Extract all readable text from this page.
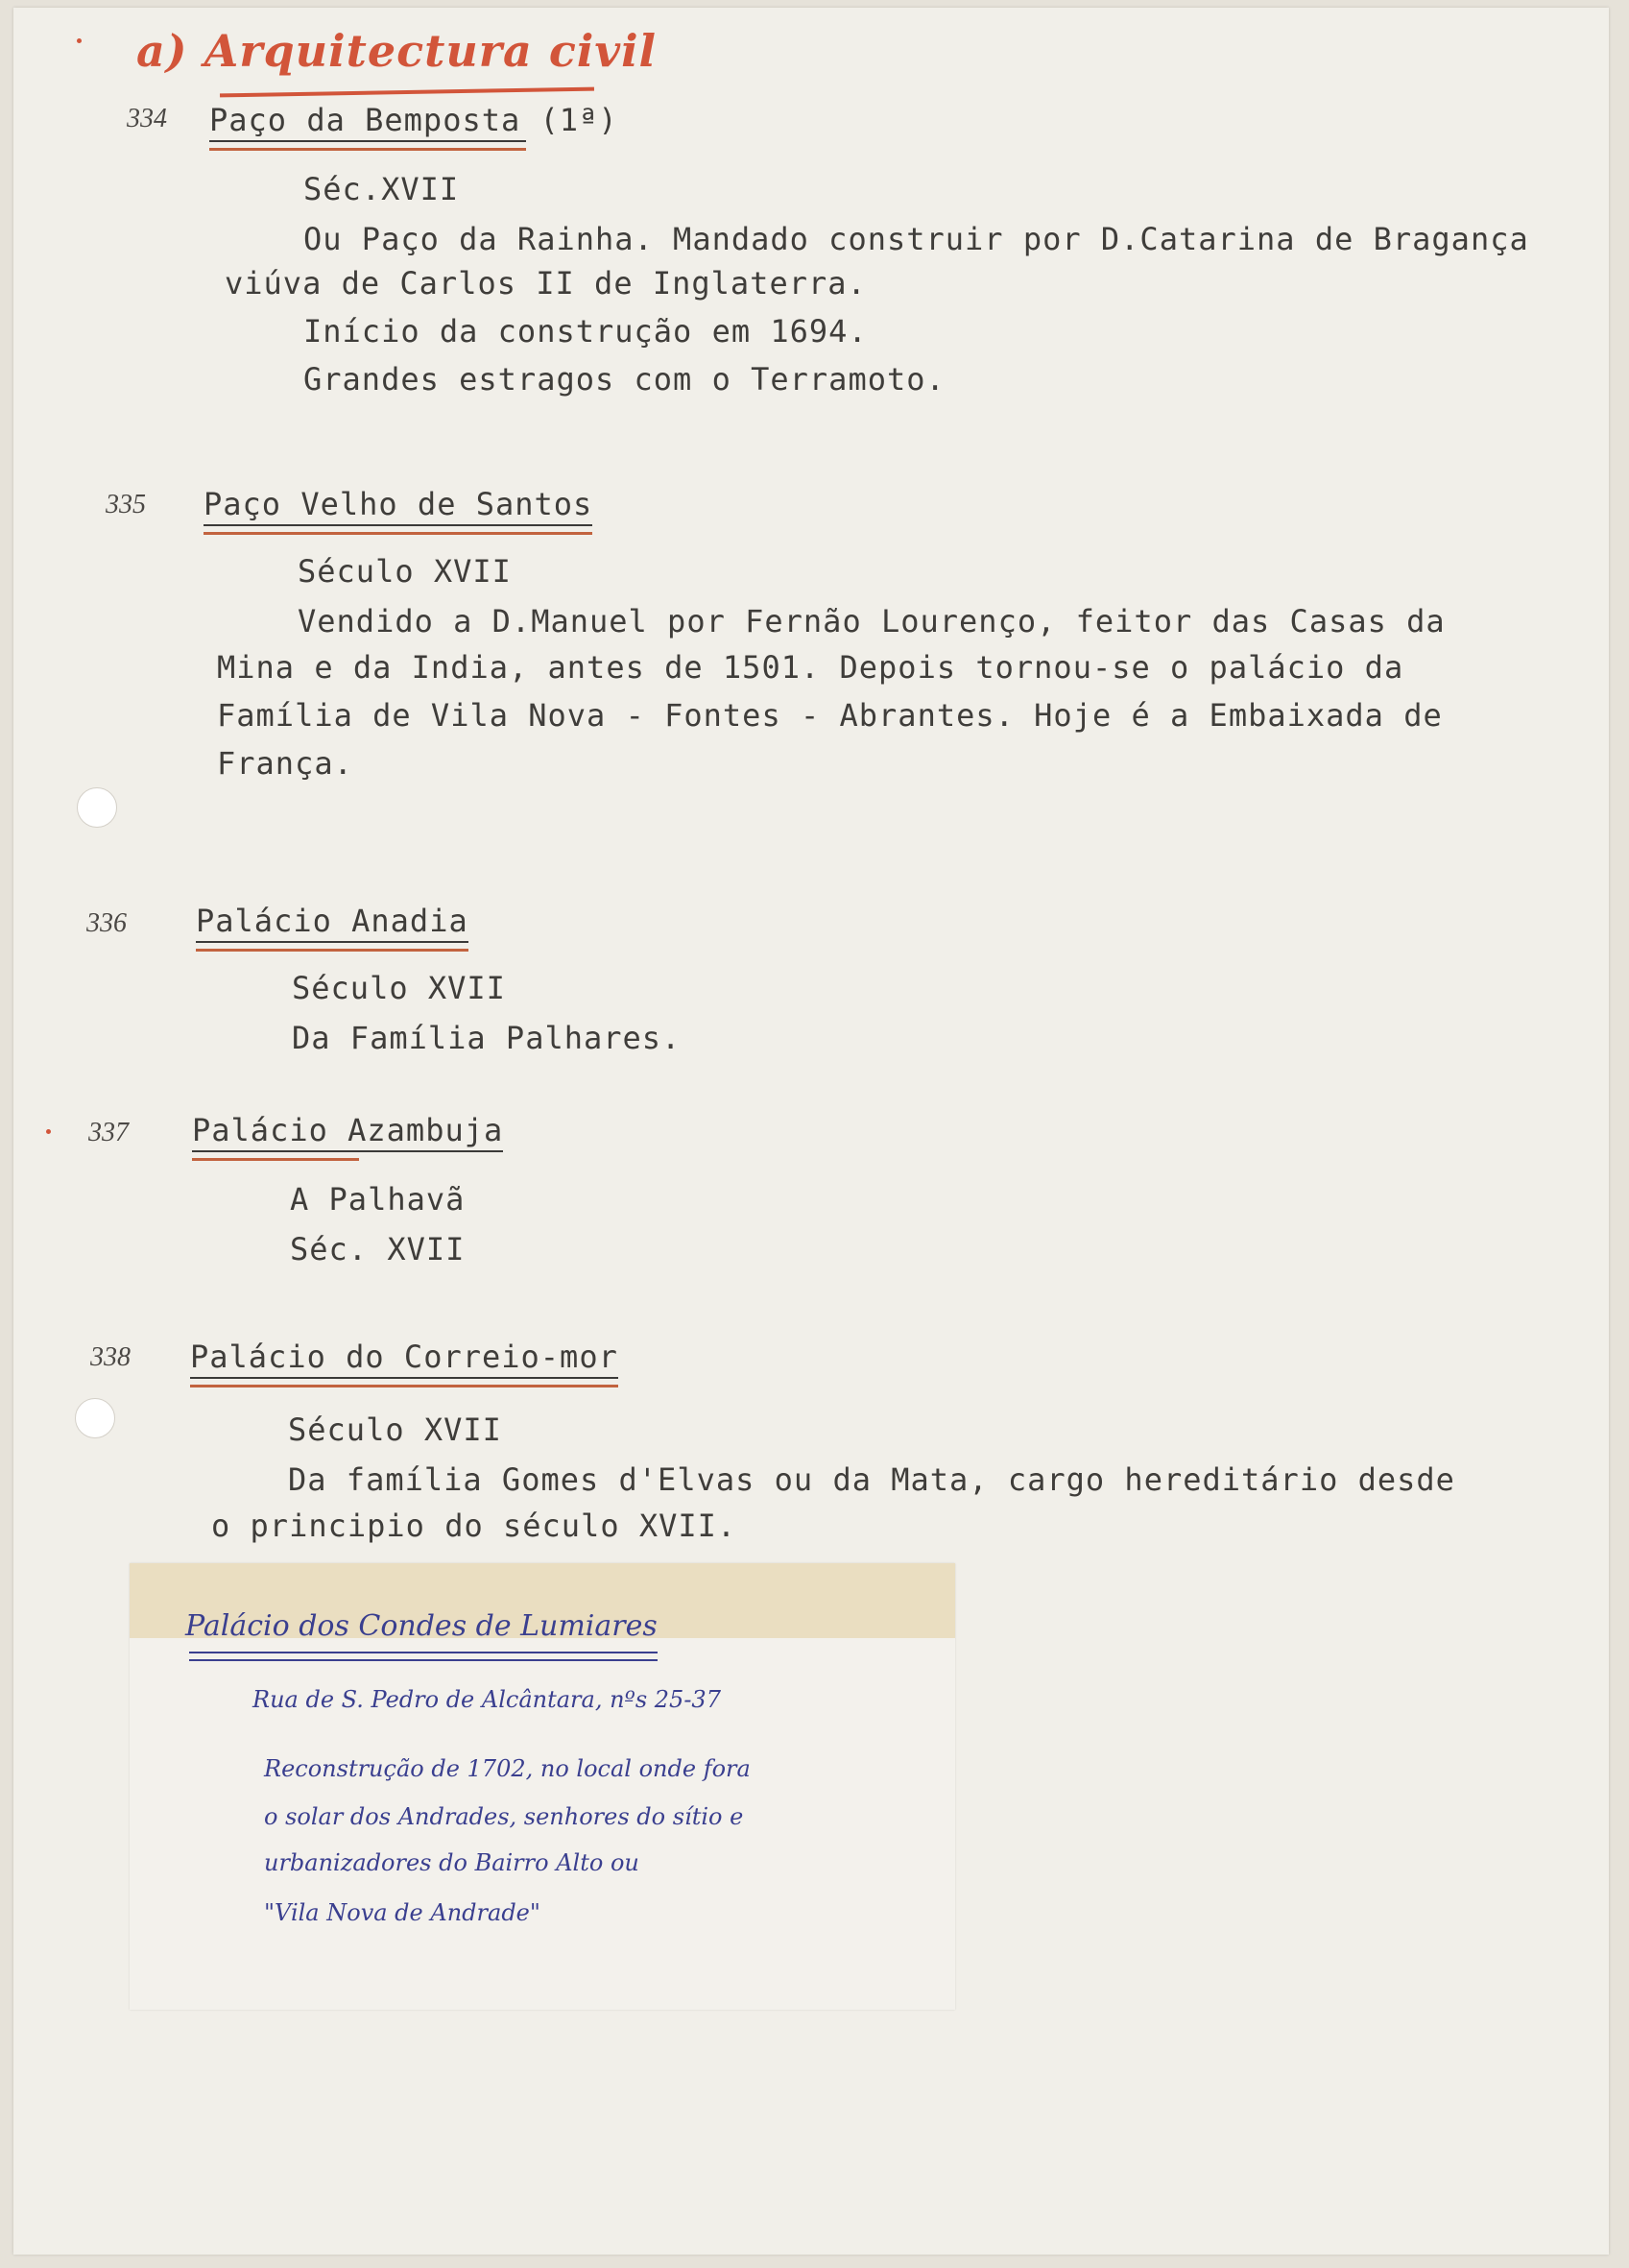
a) Arquitectura civil
334 Paço da Bemposta (1ª)
Séc.XVII
Ou Paço da Rainha. Mandado construir por D.Catarina de Bragança
viúva de Carlos II de Inglaterra.
Início da construção em 1694.
Grandes estragos com o Terramoto.
335 Paço Velho de Santos
Século XVII
Vendido a D.Manuel por Fernão Lourenço, feitor das Casas da
Mina e da India, antes de 1501. Depois tornou-se o palácio da
Família de Vila Nova - Fontes - Abrantes. Hoje é a Embaixada de
França.
336 Palácio Anadia
Século XVII
Da Família Palhares.
337 Palácio Azambuja
A Palhavã
Séc. XVII
338 Palácio do Correio-mor
Século XVII
Da família Gomes d'Elvas ou da Mata, cargo hereditário desde
o principio do século XVII.
Palácio dos Condes de Lumiares
Rua de S. Pedro de Alcântara, nºs 25-37
Reconstrução de 1702, no local onde fora
o solar dos Andrades, senhores do sítio e
urbanizadores do Bairro Alto ou
"Vila Nova de Andrade"
